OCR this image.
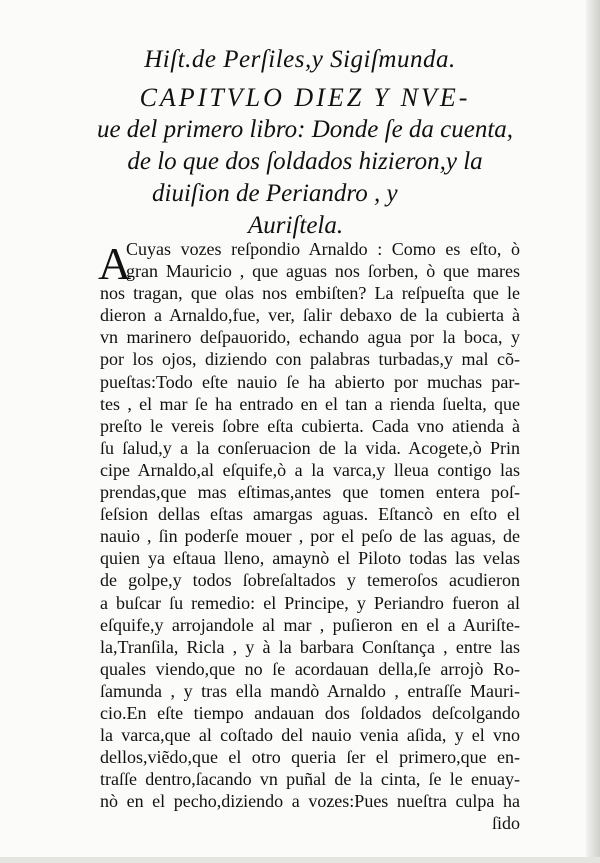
Hiſt.de Perſiles,y Sigiſmunda.
CAPITVLO DIEZ Y NVE-
ue del primero libro: Donde ſe da cuenta,
de lo que dos ſoldados hizieron,y la
diuiſion de Periandro , y
Auriſtela.
A
Cuyas vozes reſpondio Arnaldo : Como es eſto, ò
gran Mauricio , que aguas nos ſorben, ò que mares
nos tragan, que olas nos embiſten? La reſpueſta que le
dieron a Arnaldo,fue, ver, ſalir debaxo de la cubierta à
vn marinero deſpauorido, echando agua por la boca, y
por los ojos, diziendo con palabras turbadas,y mal cõ-
pueſtas:Todo eſte nauio ſe ha abierto por muchas par-
tes , el mar ſe ha entrado en el tan a rienda ſuelta, que
preſto le vereis ſobre eſta cubierta. Cada vno atienda à
ſu ſalud,y a la conſeruacion de la vida. Acogete,ò Prin
cipe Arnaldo,al eſquife,ò a la varca,y lleua contigo las
prendas,que mas eſtimas,antes que tomen entera poſ-
ſeſsion dellas eſtas amargas aguas. Eſtancò en eſto el
nauio , ſin poderſe mouer , por el peſo de las aguas, de
quien ya eſtaua lleno, amaynò el Piloto todas las velas
de golpe,y todos ſobreſaltados y temeroſos acudieron
a buſcar ſu remedio: el Principe, y Periandro fueron al
eſquife,y arrojandole al mar , puſieron en el a Auriſte-
la,Tranſila, Ricla , y à la barbara Conſtança , entre las
quales viendo,que no ſe acordauan della,ſe arrojò Ro-
ſamunda , y tras ella mandò Arnaldo , entraſſe Mauri-
cio.En eſte tiempo andauan dos ſoldados deſcolgando
la varca,que al coſtado del nauio venia aſida, y el vno
dellos,viẽdo,que el otro queria ſer el primero,que en-
traſſe dentro,ſacando vn puñal de la cinta, ſe le enuay-
nò en el pecho,diziendo a vozes:Pues nueſtra culpa ha
ſido
